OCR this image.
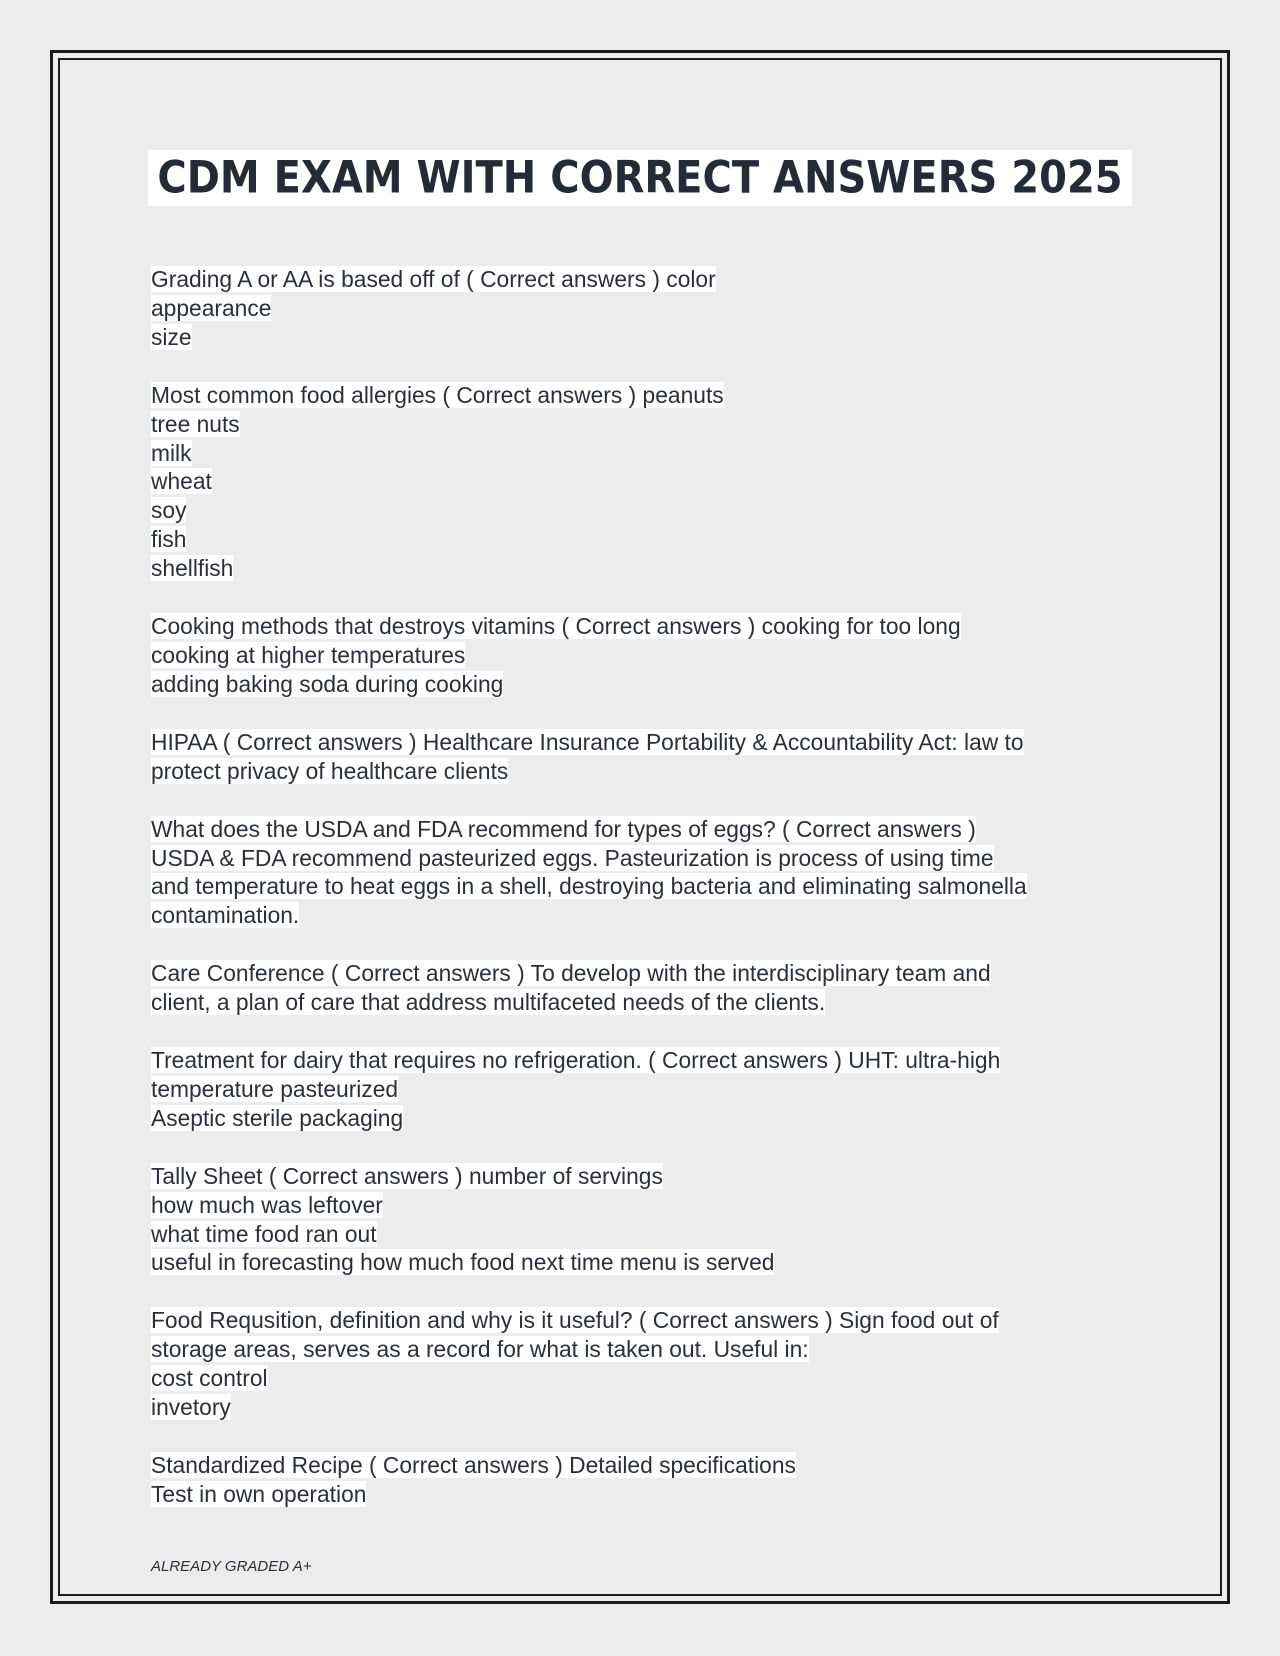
CDM EXAM WITH CORRECT ANSWERS 2025
Grading A or AA is based off of ( Correct answers ) color
appearance
size
Most common food allergies ( Correct answers ) peanuts
tree nuts
milk
wheat
soy
fish
shellfish
Cooking methods that destroys vitamins ( Correct answers ) cooking for too long
cooking at higher temperatures
adding baking soda during cooking
HIPAA ( Correct answers ) Healthcare Insurance Portability & Accountability Act: law to
protect privacy of healthcare clients
What does the USDA and FDA recommend for types of eggs? ( Correct answers )
USDA & FDA recommend pasteurized eggs. Pasteurization is process of using time
and temperature to heat eggs in a shell, destroying bacteria and eliminating salmonella
contamination.
Care Conference ( Correct answers ) To develop with the interdisciplinary team and
client, a plan of care that address multifaceted needs of the clients.
Treatment for dairy that requires no refrigeration. ( Correct answers ) UHT: ultra-high
temperature pasteurized
Aseptic sterile packaging
Tally Sheet ( Correct answers ) number of servings
how much was leftover
what time food ran out
useful in forecasting how much food next time menu is served
Food Requsition, definition and why is it useful? ( Correct answers ) Sign food out of
storage areas, serves as a record for what is taken out. Useful in:
cost control
invetory
Standardized Recipe ( Correct answers ) Detailed specifications
Test in own operation
ALREADY GRADED A+
